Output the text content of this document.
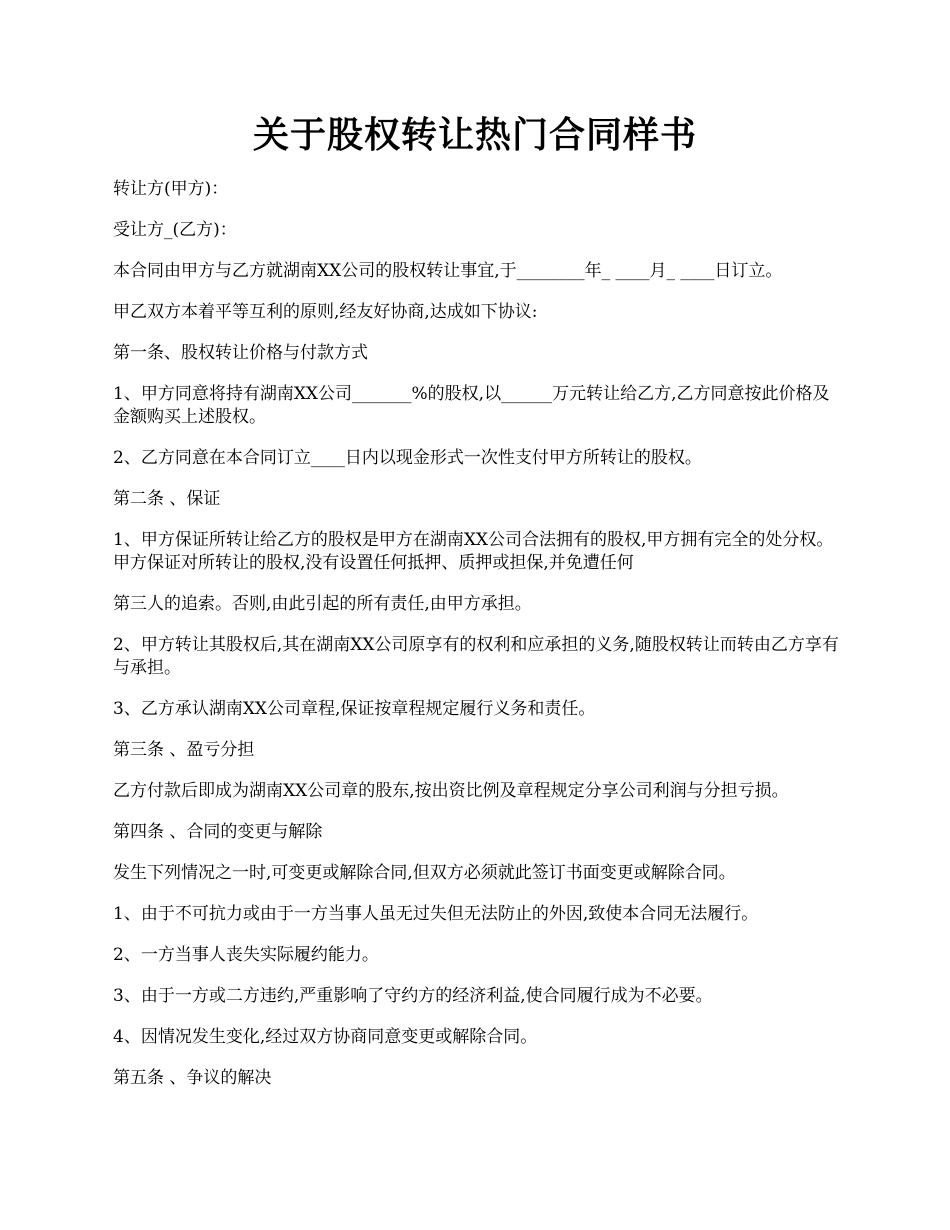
关于股权转让热门合同样书

转让方(甲方)：

受让方_(乙方)：

本合同由甲方与乙方就湖南XX公司的股权转让事宜,于________年_ ____月_ ____日订立。

甲乙双方本着平等互利的原则,经友好协商,达成如下协议:

第一条、股权转让价格与付款方式

1、甲方同意将持有湖南XX公司_______%的股权,以______万元转让给乙方,乙方同意按此价格及金额购买上述股权。

2、乙方同意在本合同订立____日内以现金形式一次性支付甲方所转让的股权。

第二条 、保证

1、甲方保证所转让给乙方的股权是甲方在湖南XX公司合法拥有的股权,甲方拥有完全的处分权。甲方保证对所转让的股权,没有设置任何抵押、质押或担保,并免遭任何

第三人的追索。否则,由此引起的所有责任,由甲方承担。

2、甲方转让其股权后,其在湖南XX公司原享有的权利和应承担的义务,随股权转让而转由乙方享有与承担。

3、乙方承认湖南XX公司章程,保证按章程规定履行义务和责任。

第三条 、盈亏分担

乙方付款后即成为湖南XX公司章的股东,按出资比例及章程规定分享公司利润与分担亏损。

第四条 、合同的变更与解除

发生下列情况之一时,可变更或解除合同,但双方必须就此签订书面变更或解除合同。

1、由于不可抗力或由于一方当事人虽无过失但无法防止的外因,致使本合同无法履行。

2、一方当事人丧失实际履约能力。

3、由于一方或二方违约,严重影响了守约方的经济利益,使合同履行成为不必要。

4、因情况发生变化,经过双方协商同意变更或解除合同。

第五条 、争议的解决
